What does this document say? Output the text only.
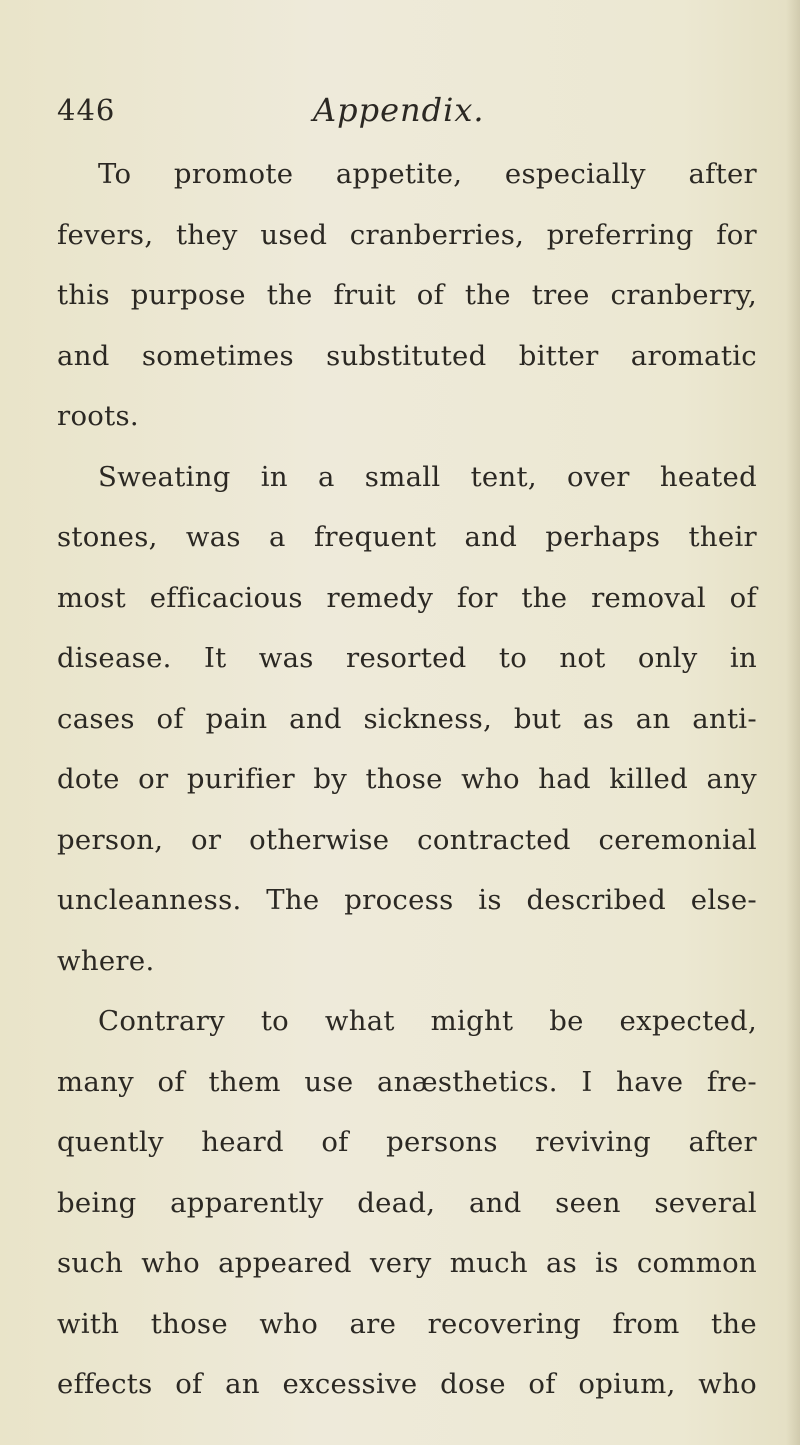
446	Appendix.
To promote appetite, especially after
fevers, they used cranberries, preferring for
this purpose the fruit of the tree cranberry,
and sometimes substituted bitter aromatic
roots.
Sweating in a small tent, over heated
stones, was a frequent and perhaps their
most efficacious remedy for the removal of
disease. It was resorted to not only in
cases of pain and sickness, but as an anti-
dote or purifier by those who had killed any
person, or otherwise contracted ceremonial
uncleanness. The process is described else-
where.
Contrary to what might be expected,
many of them use anæsthetics. I have fre-
quently heard of persons reviving after
being apparently dead, and seen several
such who appeared very much as is common
with those who are recovering from the
effects of an excessive dose of opium, who
